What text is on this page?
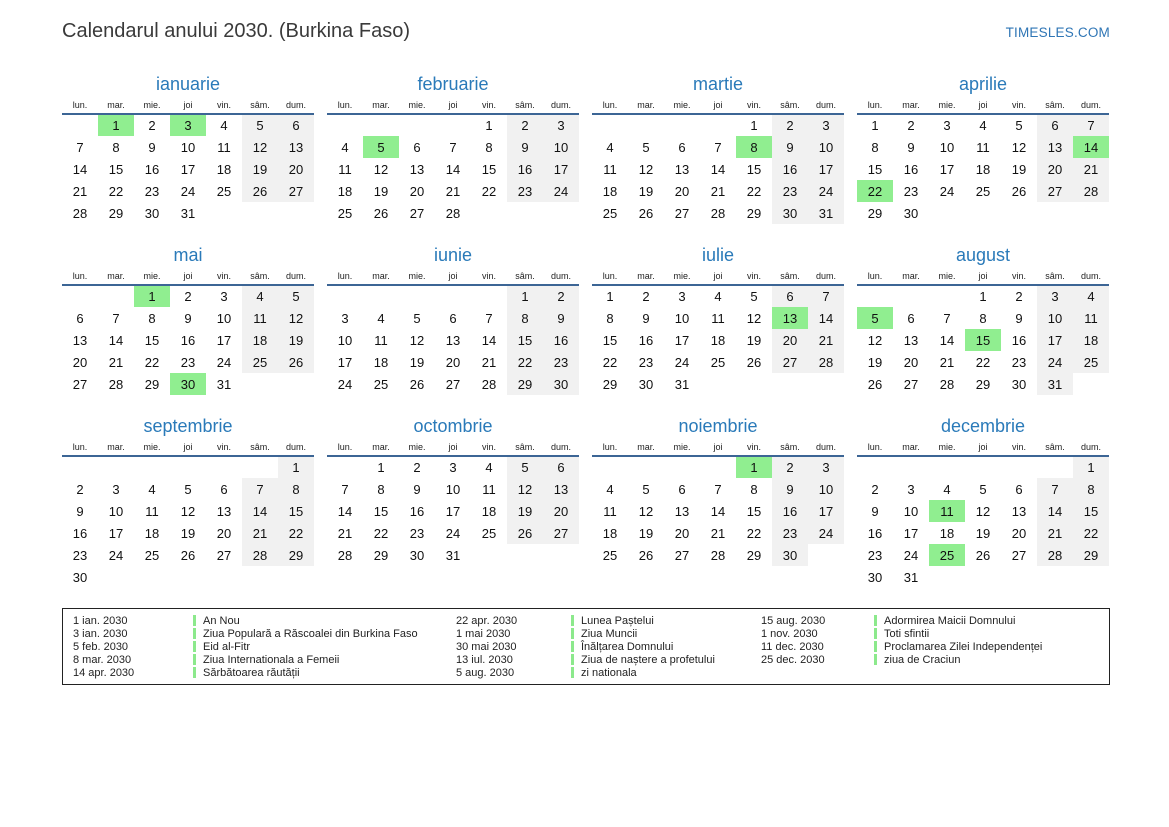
Calendarul anului 2030. (Burkina Faso)	TIMESLES.COM
ianuarie
lun.	mar.	mie.	joi	vin.	sâm.	dum.
	1	2	3	4	5	6
7	8	9	10	11	12	13
14	15	16	17	18	19	20
21	22	23	24	25	26	27
28	29	30	31			
februarie
lun.	mar.	mie.	joi	vin.	sâm.	dum.
				1	2	3
4	5	6	7	8	9	10
11	12	13	14	15	16	17
18	19	20	21	22	23	24
25	26	27	28			
martie
lun.	mar.	mie.	joi	vin.	sâm.	dum.
				1	2	3
4	5	6	7	8	9	10
11	12	13	14	15	16	17
18	19	20	21	22	23	24
25	26	27	28	29	30	31
aprilie
lun.	mar.	mie.	joi	vin.	sâm.	dum.
1	2	3	4	5	6	7
8	9	10	11	12	13	14
15	16	17	18	19	20	21
22	23	24	25	26	27	28
29	30					
mai
lun.	mar.	mie.	joi	vin.	sâm.	dum.
		1	2	3	4	5
6	7	8	9	10	11	12
13	14	15	16	17	18	19
20	21	22	23	24	25	26
27	28	29	30	31		
iunie
lun.	mar.	mie.	joi	vin.	sâm.	dum.
					1	2
3	4	5	6	7	8	9
10	11	12	13	14	15	16
17	18	19	20	21	22	23
24	25	26	27	28	29	30
iulie
lun.	mar.	mie.	joi	vin.	sâm.	dum.
1	2	3	4	5	6	7
8	9	10	11	12	13	14
15	16	17	18	19	20	21
22	23	24	25	26	27	28
29	30	31				
august
lun.	mar.	mie.	joi	vin.	sâm.	dum.
			1	2	3	4
5	6	7	8	9	10	11
12	13	14	15	16	17	18
19	20	21	22	23	24	25
26	27	28	29	30	31	
septembrie
lun.	mar.	mie.	joi	vin.	sâm.	dum.
						1
2	3	4	5	6	7	8
9	10	11	12	13	14	15
16	17	18	19	20	21	22
23	24	25	26	27	28	29
30						
octombrie
lun.	mar.	mie.	joi	vin.	sâm.	dum.
	1	2	3	4	5	6
7	8	9	10	11	12	13
14	15	16	17	18	19	20
21	22	23	24	25	26	27
28	29	30	31			
noiembrie
lun.	mar.	mie.	joi	vin.	sâm.	dum.
				1	2	3
4	5	6	7	8	9	10
11	12	13	14	15	16	17
18	19	20	21	22	23	24
25	26	27	28	29	30	
decembrie
lun.	mar.	mie.	joi	vin.	sâm.	dum.
						1
2	3	4	5	6	7	8
9	10	11	12	13	14	15
16	17	18	19	20	21	22
23	24	25	26	27	28	29
30	31					
1 ian. 2030	An Nou
3 ian. 2030	Ziua Populară a Răscoalei din Burkina Faso
5 feb. 2030	Eid al-Fitr
8 mar. 2030	Ziua Internationala a Femeii
14 apr. 2030	Sărbătoarea răutății
22 apr. 2030	Lunea Paștelui
1 mai 2030	Ziua Muncii
30 mai 2030	Înălțarea Domnului
13 iul. 2030	Ziua de naștere a profetului
5 aug. 2030	zi nationala
15 aug. 2030	Adormirea Maicii Domnului
1 nov. 2030	Toti sfintii
11 dec. 2030	Proclamarea Zilei Independenței
25 dec. 2030	ziua de Craciun
